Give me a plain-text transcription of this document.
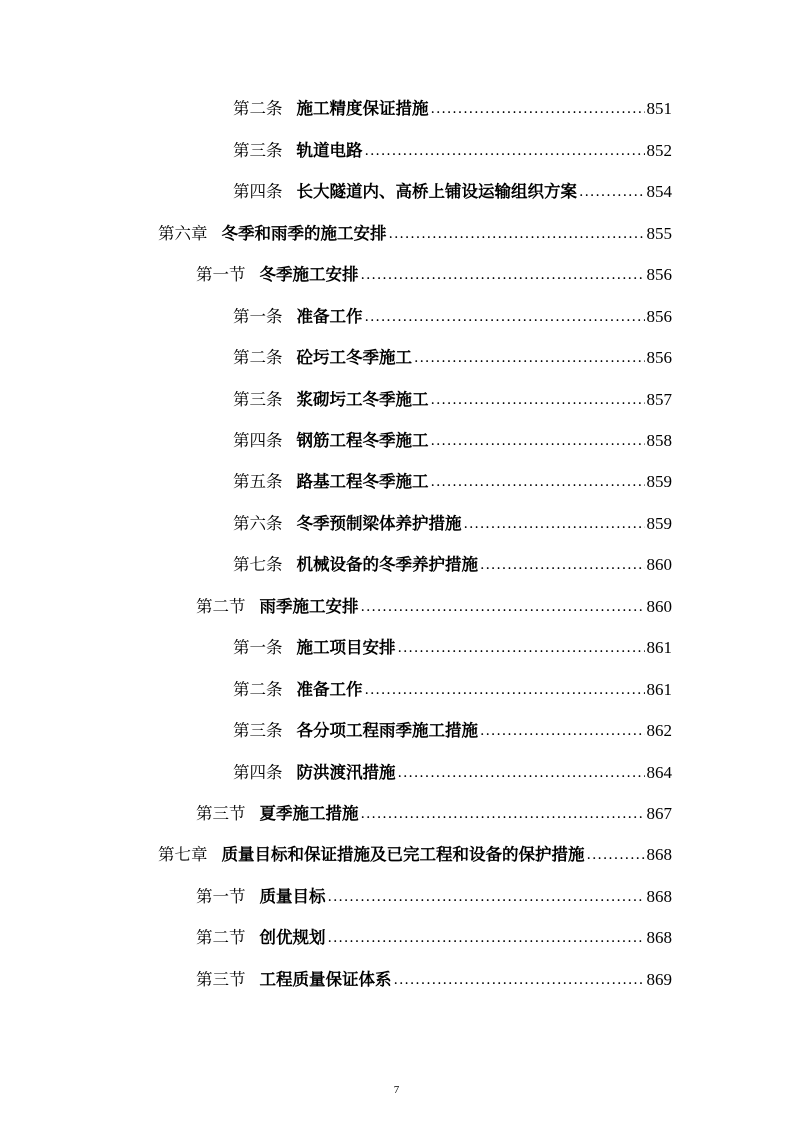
第二条 施工精度保证措施 .....	851
第三条 轨道电路 .....	852
第四条 长大隧道内、高桥上铺设运输组织方案 .....	854
第六章 冬季和雨季的施工安排 .....	855
第一节 冬季施工安排 .....	856
第一条 准备工作 .....	856
第二条 砼圬工冬季施工 .....	856
第三条 浆砌圬工冬季施工 .....	857
第四条 钢筋工程冬季施工 .....	858
第五条 路基工程冬季施工 .....	859
第六条 冬季预制梁体养护措施 .....	859
第七条 机械设备的冬季养护措施 .....	860
第二节 雨季施工安排 .....	860
第一条 施工项目安排 .....	861
第二条 准备工作 .....	861
第三条 各分项工程雨季施工措施 .....	862
第四条 防洪渡汛措施 .....	864
第三节 夏季施工措施 .....	867
第七章 质量目标和保证措施及已完工程和设备的保护措施 .....	868
第一节 质量目标 .....	868
第二节 创优规划 .....	868
第三节 工程质量保证体系 .....	869
7
